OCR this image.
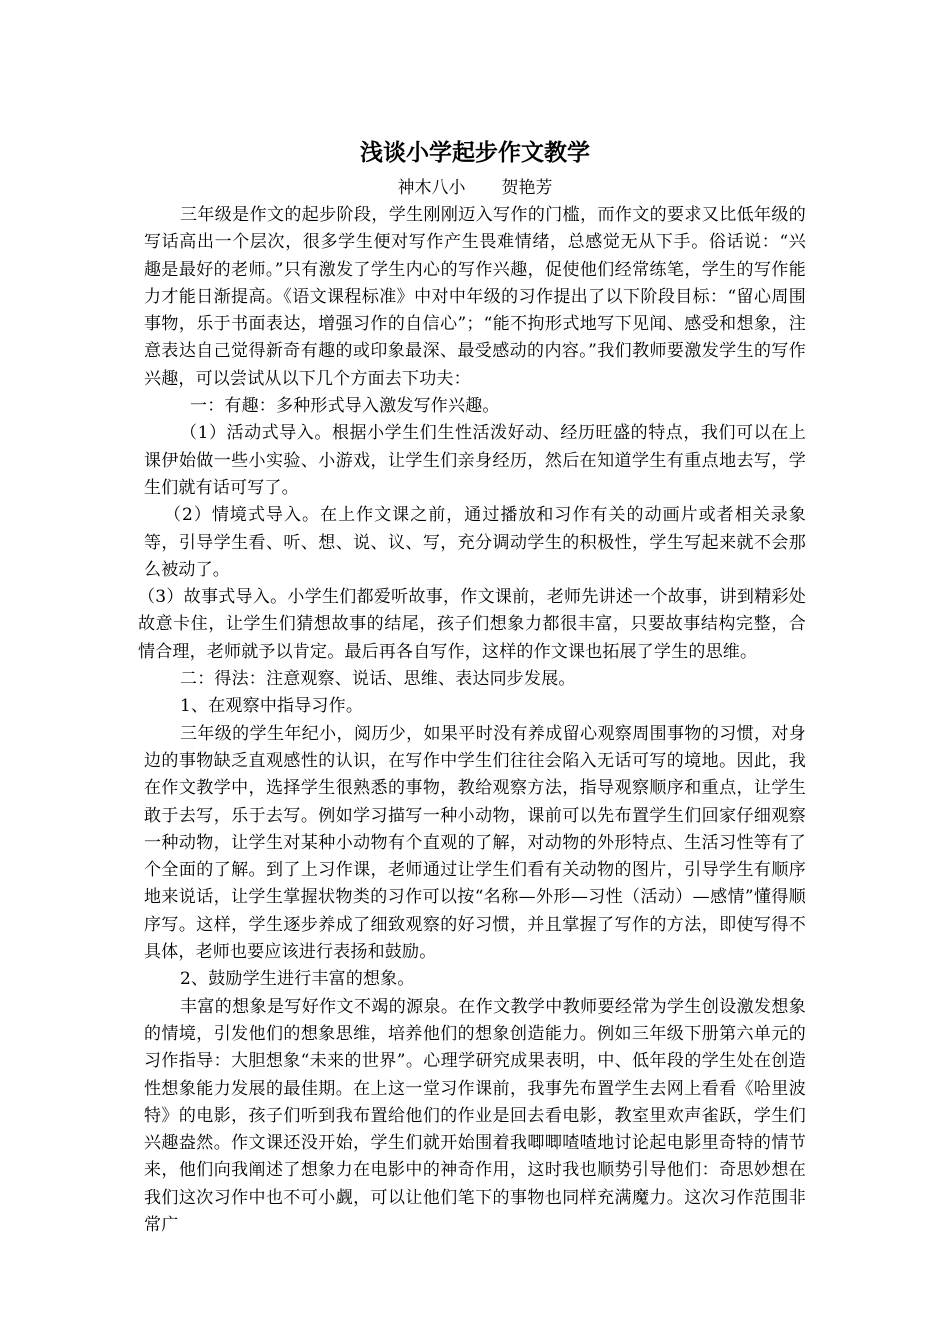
浅谈小学起步作文教学

神木八小 贺艳芳

三年级是作文的起步阶段，学生刚刚迈入写作的门槛，而作文的要求又比低年级的写话高出一个层次，很多学生便对写作产生畏难情绪，总感觉无从下手。俗话说：“兴趣是最好的老师。”只有激发了学生内心的写作兴趣，促使他们经常练笔，学生的写作能力才能日渐提高。《语文课程标准》中对中年级的习作提出了以下阶段目标：“留心周围事物，乐于书面表达，增强习作的自信心”；“能不拘形式地写下见闻、感受和想象，注意表达自己觉得新奇有趣的或印象最深、最受感动的内容。”我们教师要激发学生的写作兴趣，可以尝试从以下几个方面去下功夫：

一：有趣：多种形式导入激发写作兴趣。

（1）活动式导入。根据小学生们生性活泼好动、经历旺盛的特点，我们可以在上课伊始做一些小实验、小游戏，让学生们亲身经历，然后在知道学生有重点地去写，学生们就有话可写了。

（2）情境式导入。在上作文课之前，通过播放和习作有关的动画片或者相关录象等，引导学生看、听、想、说、议、写，充分调动学生的积极性，学生写起来就不会那么被动了。

（3）故事式导入。小学生们都爱听故事，作文课前，老师先讲述一个故事，讲到精彩处故意卡住，让学生们猜想故事的结尾，孩子们想象力都很丰富，只要故事结构完整，合情合理，老师就予以肯定。最后再各自写作，这样的作文课也拓展了学生的思维。

二：得法：注意观察、说话、思维、表达同步发展。

1、在观察中指导习作。

三年级的学生年纪小，阅历少，如果平时没有养成留心观察周围事物的习惯，对身边的事物缺乏直观感性的认识，在写作中学生们往往会陷入无话可写的境地。因此，我在作文教学中，选择学生很熟悉的事物，教给观察方法，指导观察顺序和重点，让学生敢于去写，乐于去写。例如学习描写一种小动物，课前可以先布置学生们回家仔细观察一种动物，让学生对某种小动物有个直观的了解，对动物的外形特点、生活习性等有了个全面的了解。到了上习作课，老师通过让学生们看有关动物的图片，引导学生有顺序地来说话，让学生掌握状物类的习作可以按“名称—外形—习性（活动）—感情”懂得顺序写。这样，学生逐步养成了细致观察的好习惯，并且掌握了写作的方法，即使写得不具体，老师也要应该进行表扬和鼓励。

2、鼓励学生进行丰富的想象。

丰富的想象是写好作文不竭的源泉。在作文教学中教师要经常为学生创设激发想象的情境，引发他们的想象思维，培养他们的想象创造能力。例如三年级下册第六单元的习作指导：大胆想象“未来的世界”。心理学研究成果表明，中、低年段的学生处在创造性想象能力发展的最佳期。在上这一堂习作课前，我事先布置学生去网上看看《哈里波特》的电影，孩子们听到我布置给他们的作业是回去看电影，教室里欢声雀跃，学生们兴趣盎然。作文课还没开始，学生们就开始围着我唧唧喳喳地讨论起电影里奇特的情节来，他们向我阐述了想象力在电影中的神奇作用，这时我也顺势引导他们：奇思妙想在我们这次习作中也不可小觑，可以让他们笔下的事物也同样充满魔力。这次习作范围非常广
